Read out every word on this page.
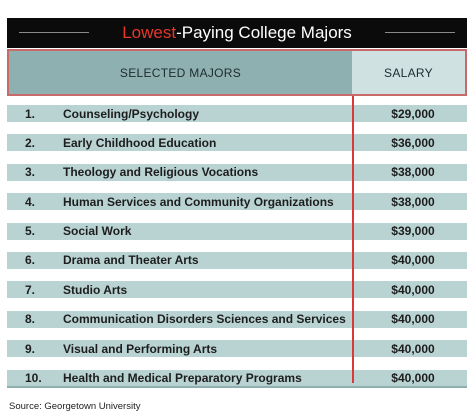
Lowest-Paying College Majors
SELECTED MAJORS	SALARY
1.	Counseling/Psychology	$29,000
2.	Early Childhood Education	$36,000
3.	Theology and Religious Vocations	$38,000
4.	Human Services and Community Organizations	$38,000
5.	Social Work	$39,000
6.	Drama and Theater Arts	$40,000
7.	Studio Arts	$40,000
8.	Communication Disorders Sciences and Services	$40,000
9.	Visual and Performing Arts	$40,000
10.	Health and Medical Preparatory Programs	$40,000
Source: Georgetown University
